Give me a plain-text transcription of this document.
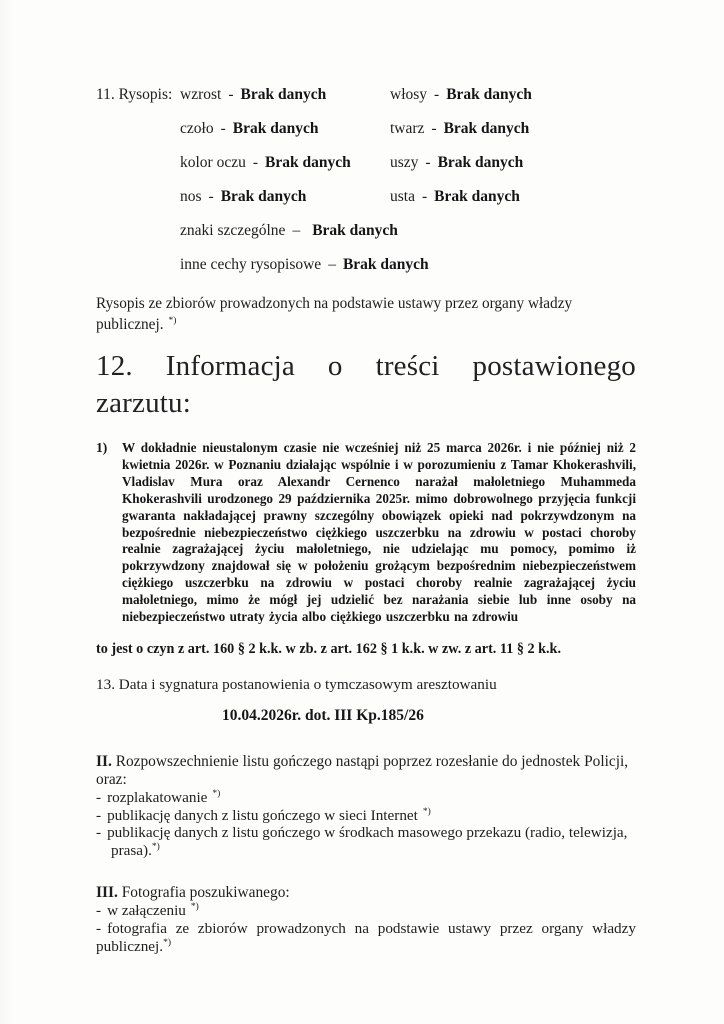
11. Rysopis: wzrost - Brak danych	włosy - Brak danych
czoło - Brak danych	twarz - Brak danych
kolor oczu - Brak danych	uszy - Brak danych
nos - Brak danych	usta - Brak danych
znaki szczególne – Brak danych
inne cechy rysopisowe – Brak danych

Rysopis ze zbiorów prowadzonych na podstawie ustawy przez organy władzy publicznej. *)

12. Informacja o treści postawionego zarzutu:
1)	W dokładnie nieustalonym czasie nie wcześniej niż 25 marca 2026r. i nie później niż 2 kwietnia 2026r. w Poznaniu działając wspólnie i w porozumieniu z Tamar Khokerashvili, Vladislav Mura oraz Alexandr Cernenco narażał małoletniego Muhammeda Khokerashvili urodzonego 29 października 2025r. mimo dobrowolnego przyjęcia funkcji gwaranta nakładającej prawny szczególny obowiązek opieki nad pokrzywdzonym na bezpośrednie niebezpieczeństwo ciężkiego uszczerbku na zdrowiu w postaci choroby realnie zagrażającej życiu małoletniego, nie udzielając mu pomocy, pomimo iż pokrzywdzony znajdował się w położeniu grożącym bezpośrednim niebezpieczeństwem ciężkiego uszczerbku na zdrowiu w postaci choroby realnie zagrażającej życiu małoletniego, mimo że mógł jej udzielić bez narażania siebie lub inne osoby na niebezpieczeństwo utraty życia albo ciężkiego uszczerbku na zdrowiu

to jest o czyn z art. 160 § 2 k.k. w zb. z art. 162 § 1 k.k. w zw. z art. 11 § 2 k.k.

13. Data i sygnatura postanowienia o tymczasowym aresztowaniu

10.04.2026r. dot. III Kp.185/26

II. Rozpowszechnienie listu gończego nastąpi poprzez rozesłanie do jednostek Policji, oraz:

- rozplakatowanie *)

- publikację danych z listu gończego w sieci Internet *)

- publikację danych z listu gończego w środkach masowego przekazu (radio, telewizja, prasa).*)

III. Fotografia poszukiwanego:

- w załączeniu *)

- fotografia ze zbiorów prowadzonych na podstawie ustawy przez organy władzy publicznej.*)
